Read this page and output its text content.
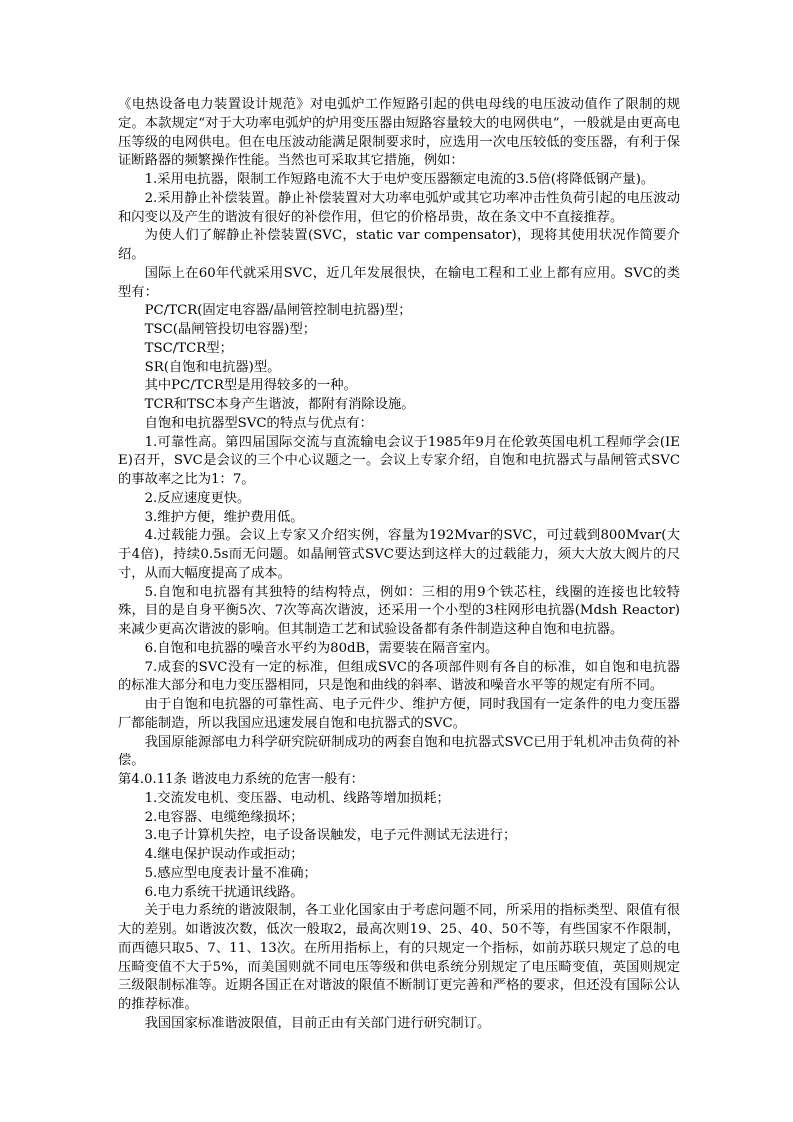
《电热设备电力装置设计规范》对电弧炉工作短路引起的供电母线的电压波动值作了限制的规定。本款规定“对于大功率电弧炉的炉用变压器由短路容量较大的电网供电”，一般就是由更高电压等级的电网供电。但在电压波动能满足限制要求时，应选用一次电压较低的变压器，有利于保证断路器的频繁操作性能。当然也可采取其它措施，例如：

1.采用电抗器，限制工作短路电流不大于电炉变压器额定电流的3.5倍(将降低钢产量)。

2.采用静止补偿装置。静止补偿装置对大功率电弧炉或其它功率冲击性负荷引起的电压波动和闪变以及产生的谐波有很好的补偿作用，但它的价格昂贵，故在条文中不直接推荐。

为使人们了解静止补偿装置(SVC，static var compensator)，现将其使用状况作简要介绍。

国际上在60年代就采用SVC，近几年发展很快，在输电工程和工业上都有应用。SVC的类型有：

PC/TCR(固定电容器/晶闸管控制电抗器)型；

TSC(晶闸管投切电容器)型；

TSC/TCR型；

SR(自饱和电抗器)型。

其中PC/TCR型是用得较多的一种。

TCR和TSC本身产生谐波，都附有消除设施。

自饱和电抗器型SVC的特点与优点有：

1.可靠性高。第四届国际交流与直流输电会议于1985年9月在伦敦英国电机工程师学会(IEE)召开，SVC是会议的三个中心议题之一。会议上专家介绍，自饱和电抗器式与晶闸管式SVC的事故率之比为1：7。

2.反应速度更快。

3.维护方便，维护费用低。

4.过载能力强。会议上专家又介绍实例，容量为192Mvar的SVC，可过载到800Mvar(大于4倍)，持续0.5s而无问题。如晶闸管式SVC要达到这样大的过载能力，须大大放大阀片的尺寸，从而大幅度提高了成本。

5.自饱和电抗器有其独特的结构特点，例如：三相的用9个铁芯柱，线圈的连接也比较特殊，目的是自身平衡5次、7次等高次谐波，还采用一个小型的3柱网形电抗器(Mdsh Reactor)来减少更高次谐波的影响。但其制造工艺和试验设备都有条件制造这种自饱和电抗器。

6.自饱和电抗器的噪音水平约为80dB，需要装在隔音室内。

7.成套的SVC没有一定的标准，但组成SVC的各项部件则有各自的标准，如自饱和电抗器的标准大部分和电力变压器相同，只是饱和曲线的斜率、谐波和噪音水平等的规定有所不同。

由于自饱和电抗器的可靠性高、电子元件少、维护方便，同时我国有一定条件的电力变压器厂都能制造，所以我国应迅速发展自饱和电抗器式的SVC。

我国原能源部电力科学研究院研制成功的两套自饱和电抗器式SVC已用于轧机冲击负荷的补偿。

第4.0.11条 谐波电力系统的危害一般有：

1.交流发电机、变压器、电动机、线路等增加损耗；

2.电容器、电缆绝缘损坏；

3.电子计算机失控，电子设备误触发，电子元件测试无法进行；

4.继电保护误动作或拒动；

5.感应型电度表计量不准确；

6.电力系统干扰通讯线路。

关于电力系统的谐波限制，各工业化国家由于考虑问题不同，所采用的指标类型、限值有很大的差别。如谐波次数，低次一般取2，最高次则19、25、40、50不等，有些国家不作限制，而西德只取5、7、11、13次。在所用指标上，有的只规定一个指标，如前苏联只规定了总的电压畸变值不大于5%，而美国则就不同电压等级和供电系统分别规定了电压畸变值，英国则规定三级限制标准等。近期各国正在对谐波的限值不断制订更完善和严格的要求，但还没有国际公认的推荐标准。

我国国家标准谐波限值，目前正由有关部门进行研究制订。
